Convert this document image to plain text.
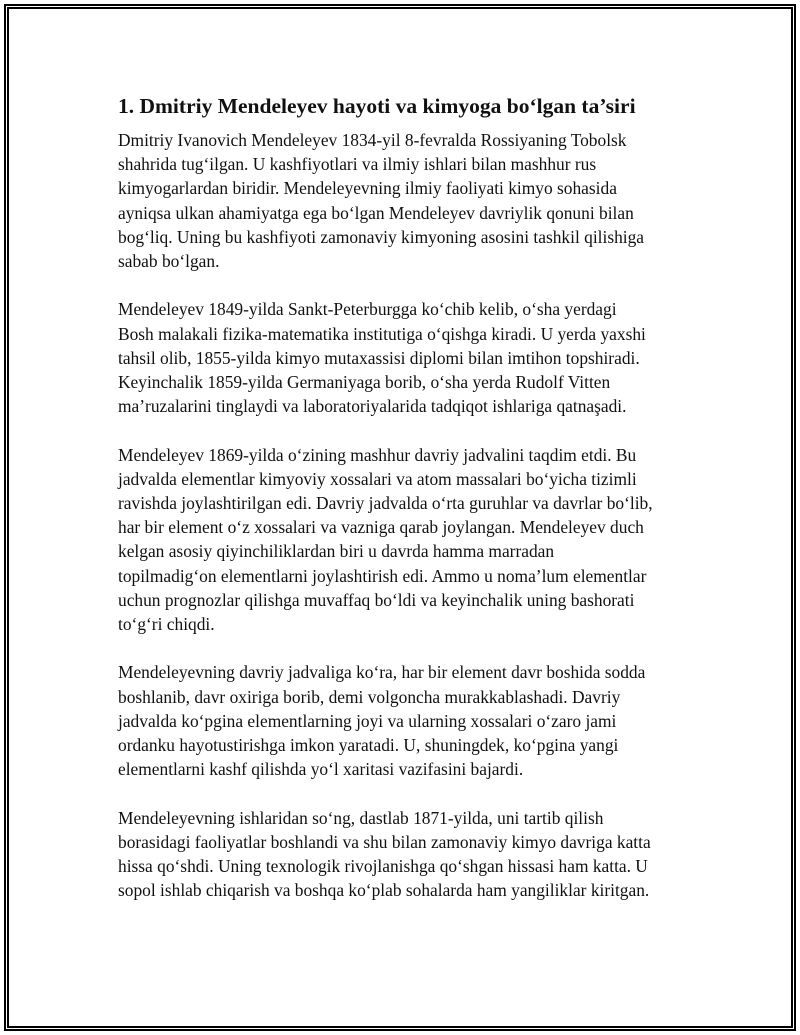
1. Dmitriy Mendeleyev hayoti va kimyoga bo‘lgan ta’siri

Dmitriy Ivanovich Mendeleyev 1834-yil 8-fevralda Rossiyaning Tobolsk
shahrida tug‘ilgan. U kashfiyotlari va ilmiy ishlari bilan mashhur rus
kimyogarlardan biridir. Mendeleyevning ilmiy faoliyati kimyo sohasida
ayniqsa ulkan ahamiyatga ega bo‘lgan Mendeleyev davriylik qonuni bilan
bog‘liq. Uning bu kashfiyoti zamonaviy kimyoning asosini tashkil qilishiga
sabab bo‘lgan.

Mendeleyev 1849-yilda Sankt-Peterburgga ko‘chib kelib, o‘sha yerdagi
Bosh malakali fizika-matematika institutiga o‘qishga kiradi. U yerda yaxshi
tahsil olib, 1855-yilda kimyo mutaxassisi diplomi bilan imtihon topshiradi.
Keyinchalik 1859-yilda Germaniyaga borib, o‘sha yerda Rudolf Vitten
ma’ruzalarini tinglaydi va laboratoriyalarida tadqiqot ishlariga qatnaşadi.

Mendeleyev 1869-yilda o‘zining mashhur davriy jadvalini taqdim etdi. Bu
jadvalda elementlar kimyoviy xossalari va atom massalari bo‘yicha tizimli
ravishda joylashtirilgan edi. Davriy jadvalda o‘rta guruhlar va davrlar bo‘lib,
har bir element o‘z xossalari va vazniga qarab joylangan. Mendeleyev duch
kelgan asosiy qiyinchiliklardan biri u davrda hamma marradan
topilmadigʻon elementlarni joylashtirish edi. Ammo u noma’lum elementlar
uchun prognozlar qilishga muvaffaq bo‘ldi va keyinchalik uning bashorati
to‘g‘ri chiqdi.

Mendeleyevning davriy jadvaliga ko‘ra, har bir element davr boshida sodda
boshlanib, davr oxiriga borib, demi volgoncha murakkablashadi. Davriy
jadvalda ko‘pgina elementlarning joyi va ularning xossalari o‘zaro jami
ordanku hayotustirishga imkon yaratadi. U, shuningdek, ko‘pgina yangi
elementlarni kashf qilishda yo‘l xaritasi vazifasini bajardi.

Mendeleyevning ishlaridan so‘ng, dastlab 1871-yilda, uni tartib qilish
borasidagi faoliyatlar boshlandi va shu bilan zamonaviy kimyo davriga katta
hissa qo‘shdi. Uning texnologik rivojlanishga qo‘shgan hissasi ham katta. U
sopol ishlab chiqarish va boshqa ko‘plab sohalarda ham yangiliklar kiritgan.
